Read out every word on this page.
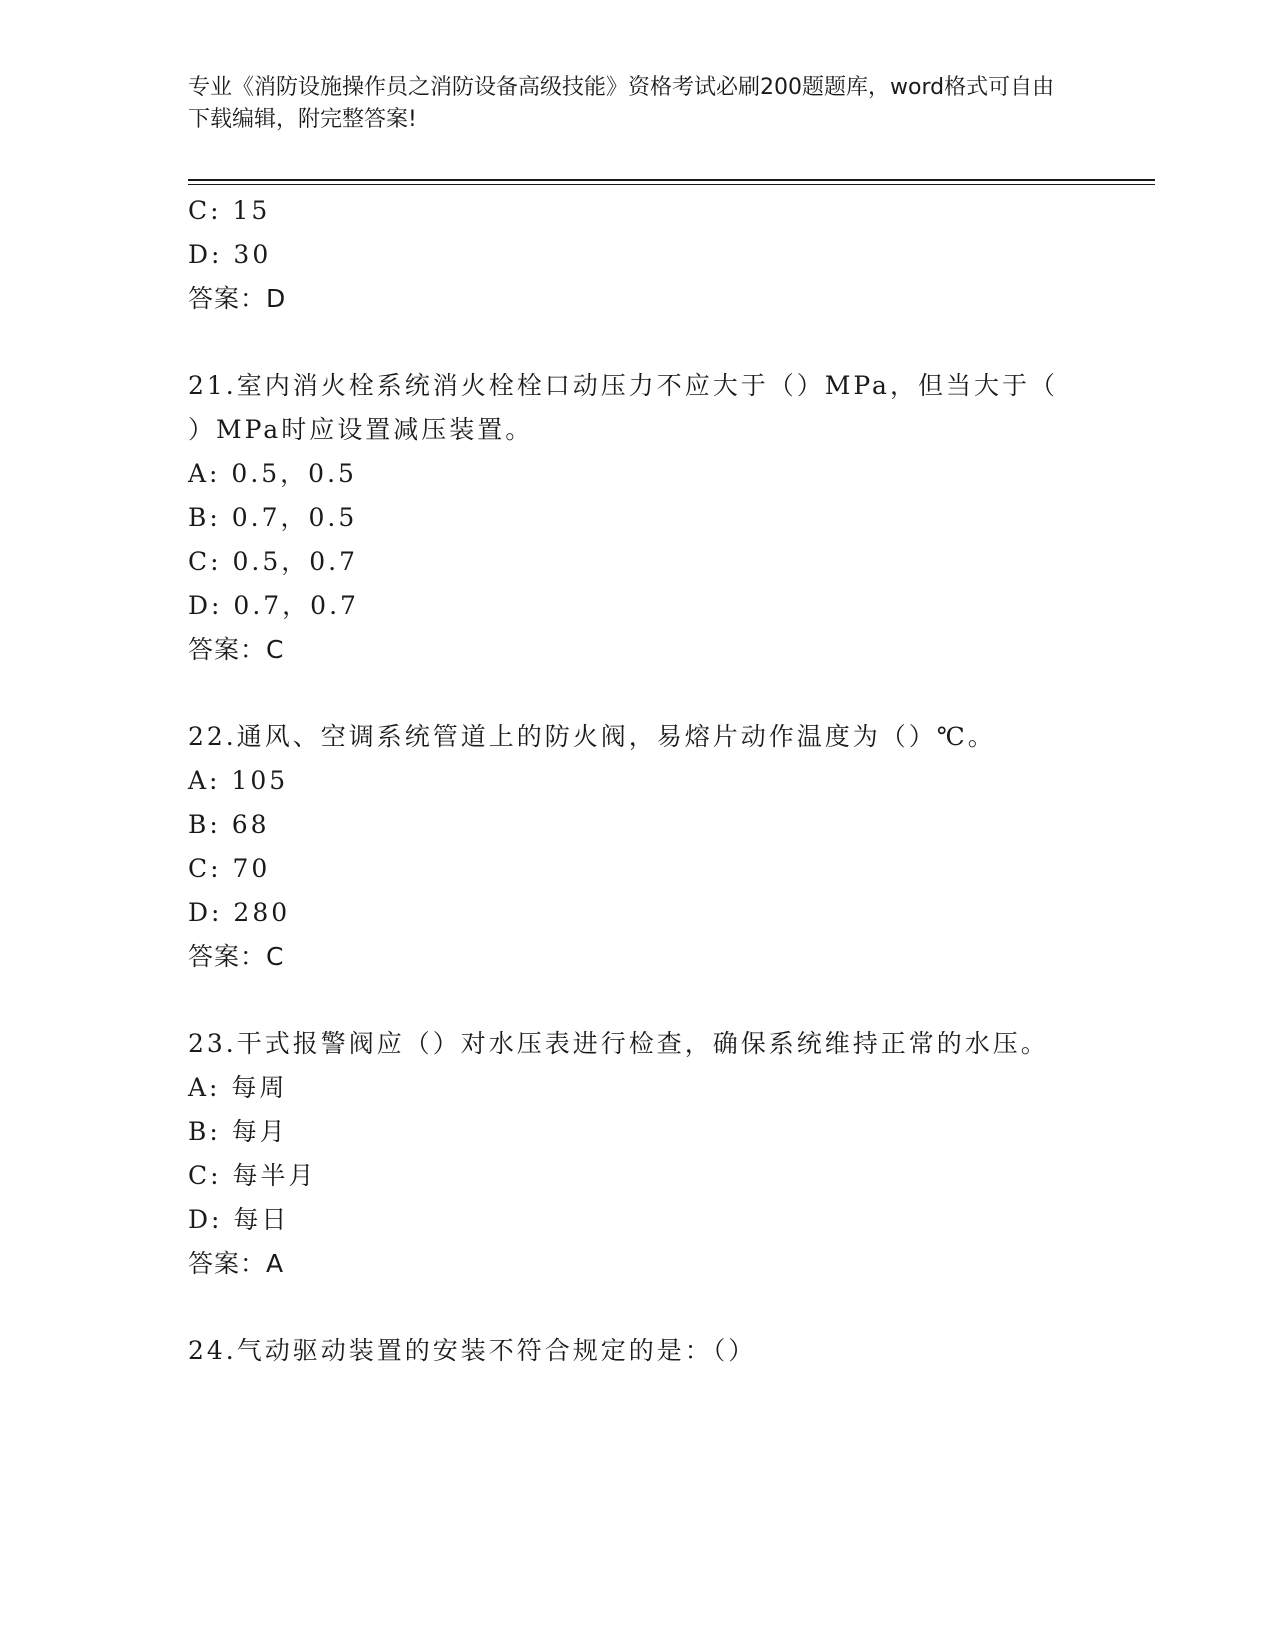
专业《消防设施操作员之消防设备高级技能》资格考试必刷200题题库，word格式可自由下载编辑，附完整答案!
C: 15
D: 30
答案：D
21.室内消火栓系统消火栓栓口动压力不应大于（）MPa，但当大于（
）MPa时应设置减压装置。
A: 0.5，0.5
B: 0.7，0.5
C: 0.5，0.7
D: 0.7，0.7
答案：C
22.通风、空调系统管道上的防火阀，易熔片动作温度为（）℃。
A: 105
B: 68
C: 70
D: 280
答案：C
23.干式报警阀应（）对水压表进行检查，确保系统维持正常的水压。
A: 每周
B: 每月
C: 每半月
D: 每日
答案：A
24.气动驱动装置的安装不符合规定的是：（）
